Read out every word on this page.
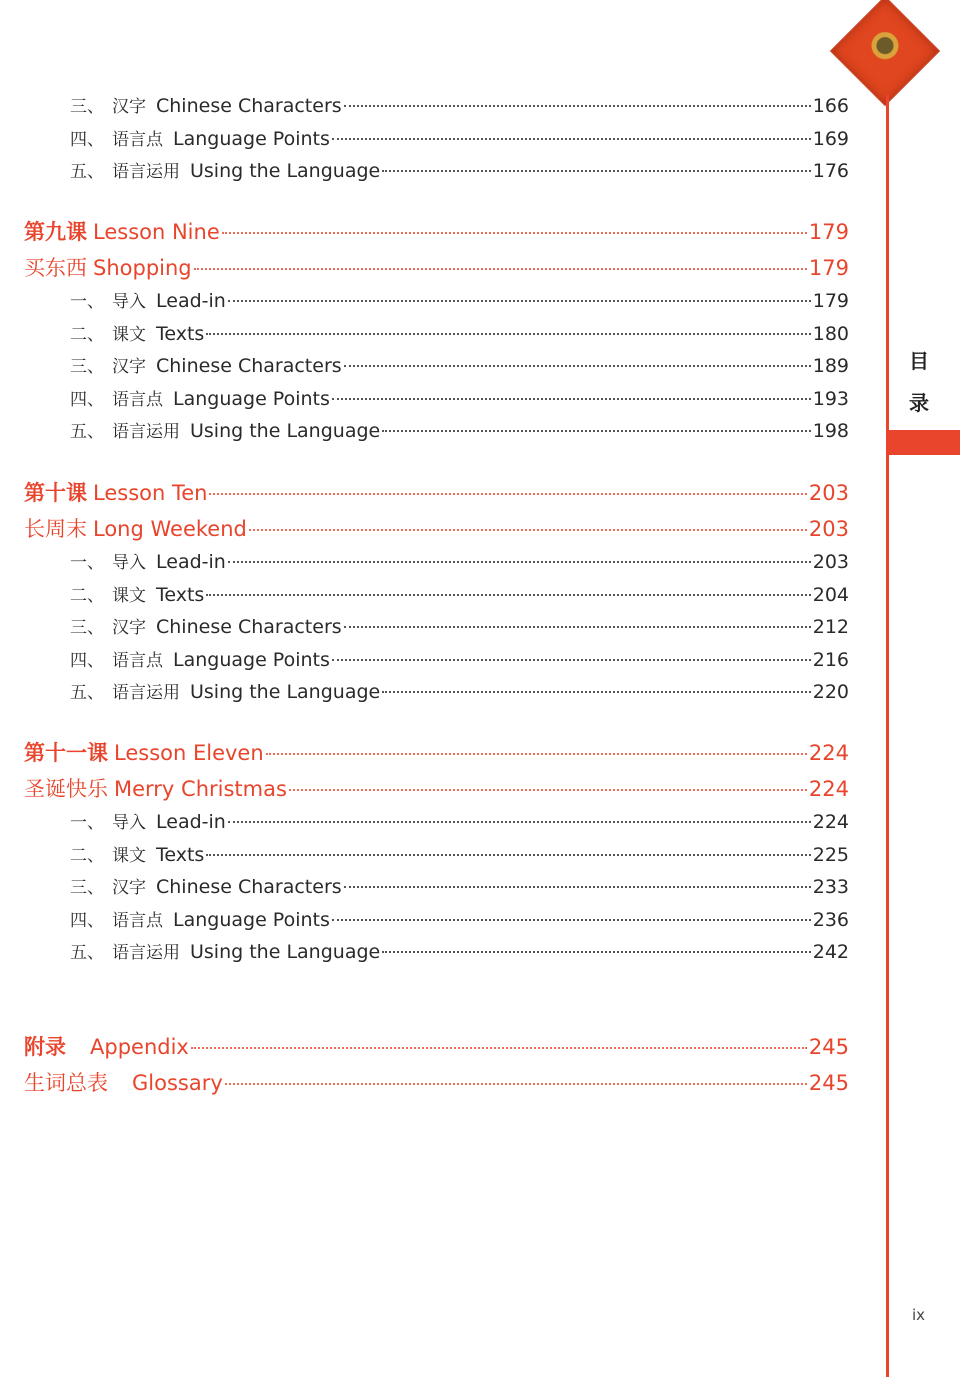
目
录
ix
三、 汉字 Chinese Characters	166
四、 语言点 Language Points	169
五、 语言运用 Using the Language	176
第九课 Lesson Nine	179
买东西 Shopping	179
一、 导入 Lead-in	179
二、 课文 Texts	180
三、 汉字 Chinese Characters	189
四、 语言点 Language Points	193
五、 语言运用 Using the Language	198
第十课 Lesson Ten	203
长周末 Long Weekend	203
一、 导入 Lead-in	203
二、 课文 Texts	204
三、 汉字 Chinese Characters	212
四、 语言点 Language Points	216
五、 语言运用 Using the Language	220
第十一课 Lesson Eleven	224
圣诞快乐 Merry Christmas	224
一、 导入 Lead-in	224
二、 课文 Texts	225
三、 汉字 Chinese Characters	233
四、 语言点 Language Points	236
五、 语言运用 Using the Language	242
附录 Appendix	245
生词总表 Glossary	245
